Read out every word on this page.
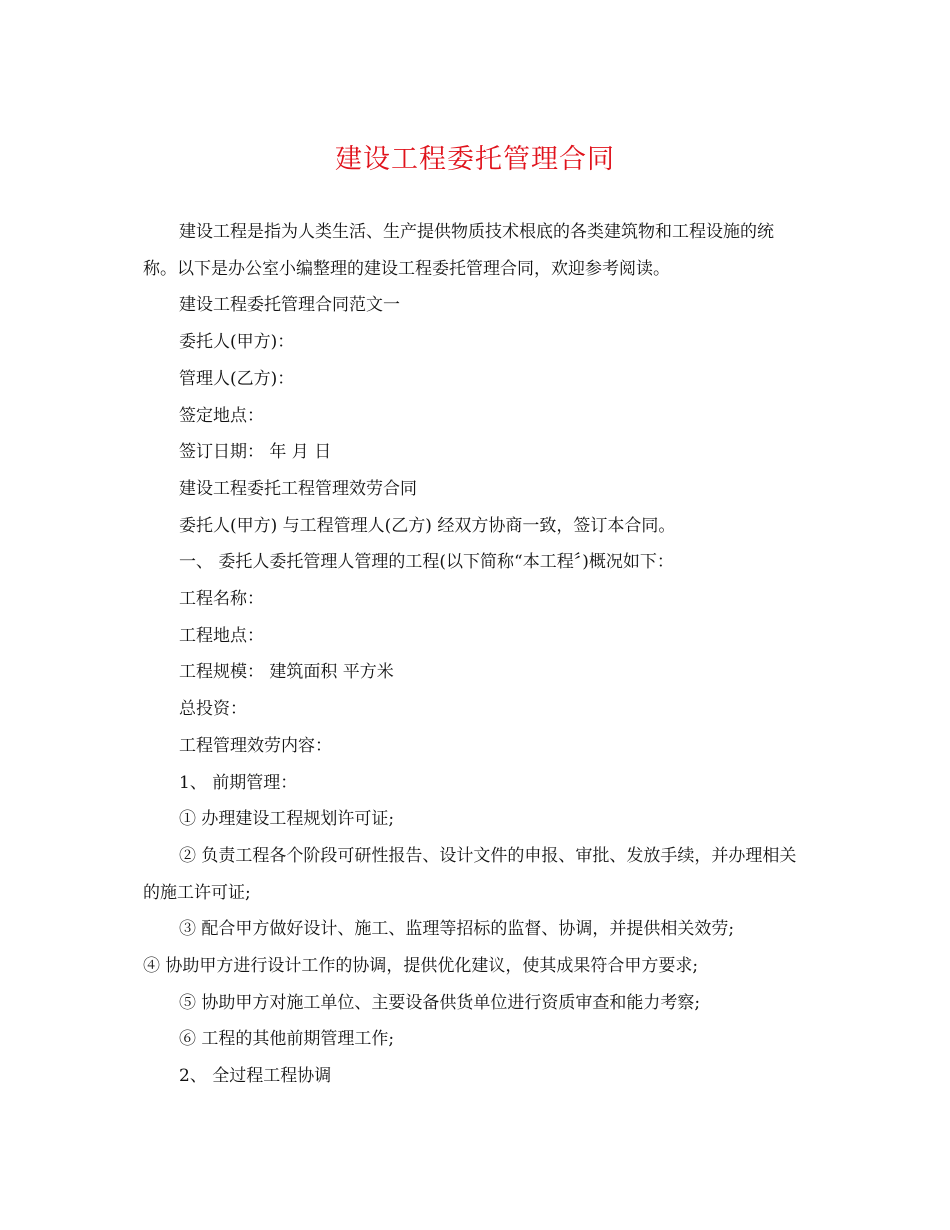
建设工程委托管理合同

建设工程是指为人类生活、生产提供物质技术根底的各类建筑物和工程设施的统称。以下是办公室小编整理的建设工程委托管理合同，欢迎参考阅读。

建设工程委托管理合同范文一

委托人(甲方)：

管理人(乙方)：

签定地点：

签订日期： 年 月 日

建设工程委托工程管理效劳合同

委托人(甲方) 与工程管理人(乙方) 经双方协商一致，签订本合同。

一、 委托人委托管理人管理的工程(以下简称“本工程〞)概况如下：

工程名称：

工程地点：

工程规模： 建筑面积 平方米

总投资：

工程管理效劳内容：

1、 前期管理：

① 办理建设工程规划许可证;

② 负责工程各个阶段可研性报告、设计文件的申报、审批、发放手续，并办理相关的施工许可证;

③ 配合甲方做好设计、施工、监理等招标的监督、协调，并提供相关效劳;

④ 协助甲方进行设计工作的协调，提供优化建议，使其成果符合甲方要求;

⑤ 协助甲方对施工单位、主要设备供货单位进行资质审查和能力考察;

⑥ 工程的其他前期管理工作;

2、 全过程工程协调
